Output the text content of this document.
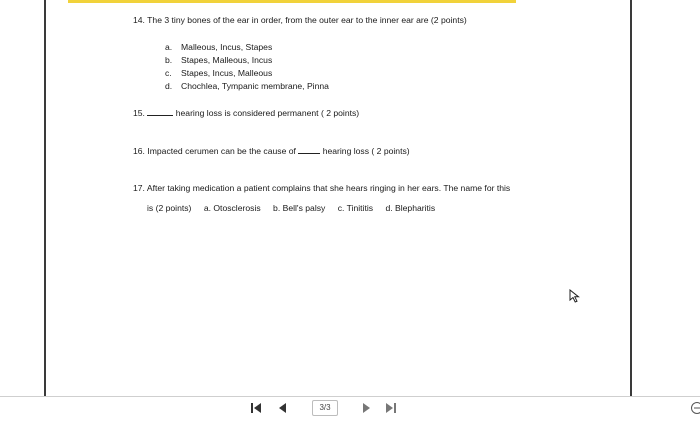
14. The 3 tiny bones of the ear in order, from the outer ear to the inner ear are (2 points)
a. Malleous, Incus, Stapes
b. Stapes, Malleous, Incus
c. Stapes, Incus, Malleous
d. Chochlea, Tympanic membrane, Pinna
15.	hearing loss is considered permanent ( 2 points)
16. Impacted cerumen can be the cause of	hearing loss ( 2 points)
17. After taking medication a patient complains that she hears ringing in her ears. The name for this
is (2 points) a. Otosclerosis b. Bell's palsy c. Tinititis d. Blepharitis
3/3
